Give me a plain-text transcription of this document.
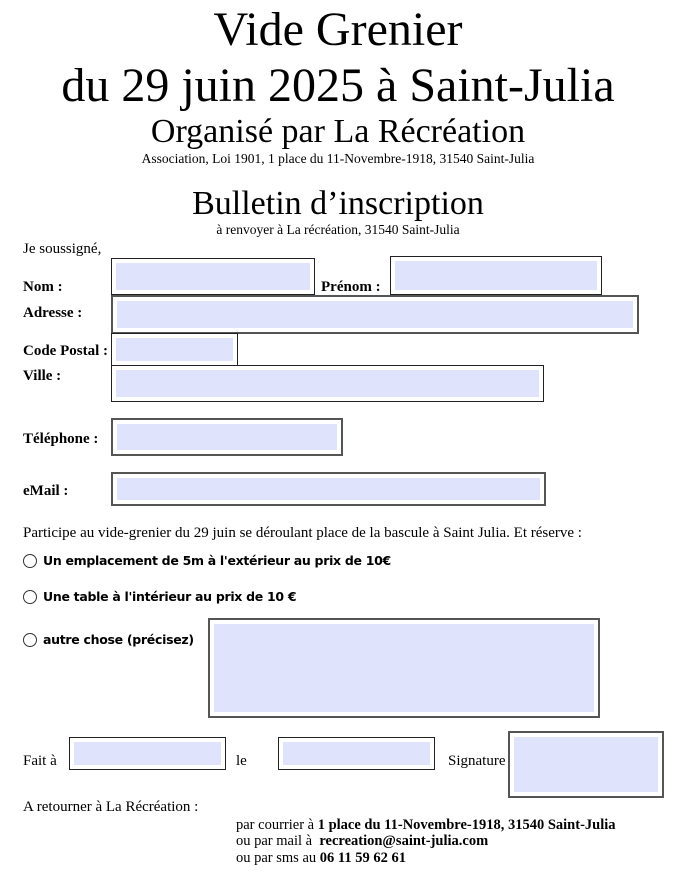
Vide Grenier
du 29 juin 2025 à Saint-Julia
Organisé par La Récréation
Association, Loi 1901, 1 place du 11-Novembre-1918, 31540 Saint-Julia
Bulletin d’inscription
à renvoyer à La récréation, 31540 Saint-Julia
Je soussigné,
Nom :	Prénom :
Adresse :
Code Postal :
Ville :
Téléphone :
eMail :
Participe au vide-grenier du 29 juin se déroulant place de la bascule à Saint Julia. Et réserve :
Un emplacement de 5m à l'extérieur au prix de 10€
Une table à l'intérieur au prix de 10 €
autre chose (précisez)
Fait à	le	Signature
A retourner à La Récréation :
par courrier à 1 place du 11-Novembre-1918, 31540 Saint-Julia
ou par mail à recreation@saint-julia.com
ou par sms au 06 11 59 62 61
